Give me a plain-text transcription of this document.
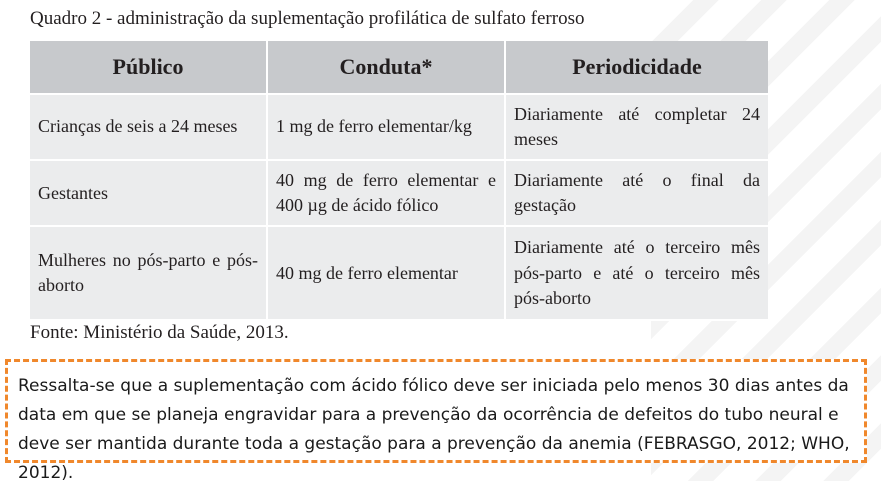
Quadro 2 - administração da suplementação profilática de sulfato ferroso
Público	Conduta*	Periodicidade
Crianças de seis a 24 meses	1 mg de ferro elementar/kg	Diariamente até completar 24 meses
Gestantes	40 mg de ferro elementar e 400 µg de ácido fólico	Diariamente até o final da gestação
Mulheres no pós-parto e pós-aborto	40 mg de ferro elementar	Diariamente até o terceiro mês pós-parto e até o terceiro mês pós-aborto
Fonte: Ministério da Saúde, 2013.
Ressalta-se que a suplementação com ácido fólico deve ser iniciada pelo menos 30 dias antes da data em que se planeja engravidar para a prevenção da ocorrência de defeitos do tubo neural e deve ser mantida durante toda a gestação para a prevenção da anemia (FEBRASGO, 2012; WHO, 2012).
